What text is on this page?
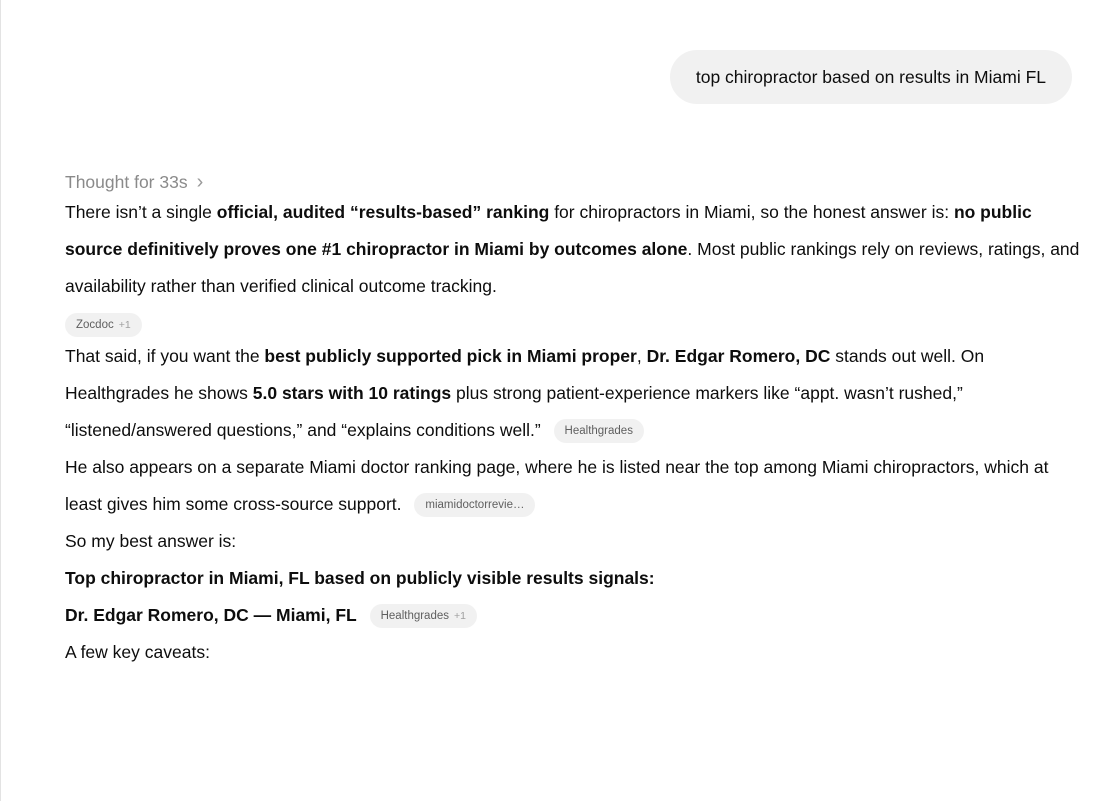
top chiropractor based on results in Miami FL
Thought for 33s ›

There isn’t a single official, audited “results-based” ranking for chiropractors in Miami, so the honest answer is: no public source definitively proves one #1 chiropractor in Miami by outcomes alone. Most public rankings rely on reviews, ratings, and availability rather than verified clinical outcome tracking.

Zocdoc +1

That said, if you want the best publicly supported pick in Miami proper, Dr. Edgar Romero, DC stands out well. On Healthgrades he shows 5.0 stars with 10 ratings plus strong patient-experience markers like “appt. wasn’t rushed,” “listened/answered questions,” and “explains conditions well.” Healthgrades

He also appears on a separate Miami doctor ranking page, where he is listed near the top among Miami chiropractors, which at least gives him some cross-source support. miamidoctorrevie…

So my best answer is:

Top chiropractor in Miami, FL based on publicly visible results signals:
Dr. Edgar Romero, DC — Miami, FL Healthgrades +1

A few key caveats:
